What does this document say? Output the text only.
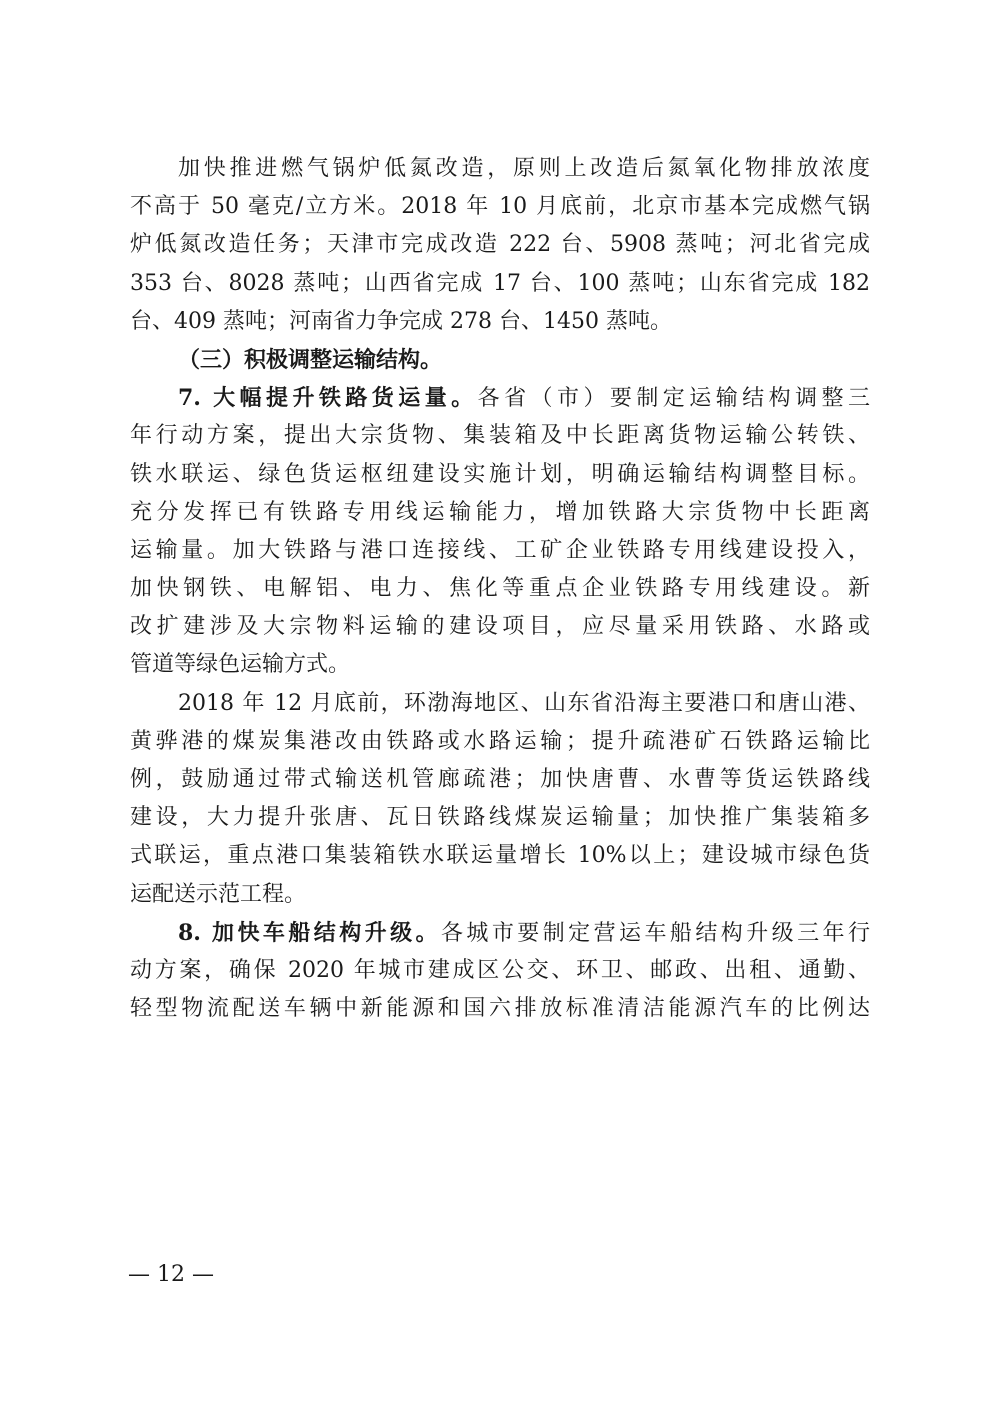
加快推进燃气锅炉低氮改造，原则上改造后氮氧化物排放浓度
不高于 50 毫克/立方米。2018 年 10 月底前，北京市基本完成燃气锅
炉低氮改造任务；天津市完成改造 222 台、5908 蒸吨；河北省完成
353 台、8028 蒸吨；山西省完成 17 台、100 蒸吨；山东省完成 182
台、409 蒸吨；河南省力争完成 278 台、1450 蒸吨。
（三）积极调整运输结构。
7. 大幅提升铁路货运量。各省（市）要制定运输结构调整三
年行动方案，提出大宗货物、集装箱及中长距离货物运输公转铁、
铁水联运、绿色货运枢纽建设实施计划，明确运输结构调整目标。
充分发挥已有铁路专用线运输能力，增加铁路大宗货物中长距离
运输量。加大铁路与港口连接线、工矿企业铁路专用线建设投入，
加快钢铁、电解铝、电力、焦化等重点企业铁路专用线建设。新
改扩建涉及大宗物料运输的建设项目，应尽量采用铁路、水路或
管道等绿色运输方式。
2018 年 12 月底前，环渤海地区、山东省沿海主要港口和唐山港、
黄骅港的煤炭集港改由铁路或水路运输；提升疏港矿石铁路运输比
例，鼓励通过带式输送机管廊疏港；加快唐曹、水曹等货运铁路线
建设，大力提升张唐、瓦日铁路线煤炭运输量；加快推广集装箱多
式联运，重点港口集装箱铁水联运量增长 10%以上；建设城市绿色货
运配送示范工程。
8. 加快车船结构升级。各城市要制定营运车船结构升级三年行
动方案，确保 2020 年城市建成区公交、环卫、邮政、出租、通勤、
轻型物流配送车辆中新能源和国六排放标准清洁能源汽车的比例达
— 12 —
